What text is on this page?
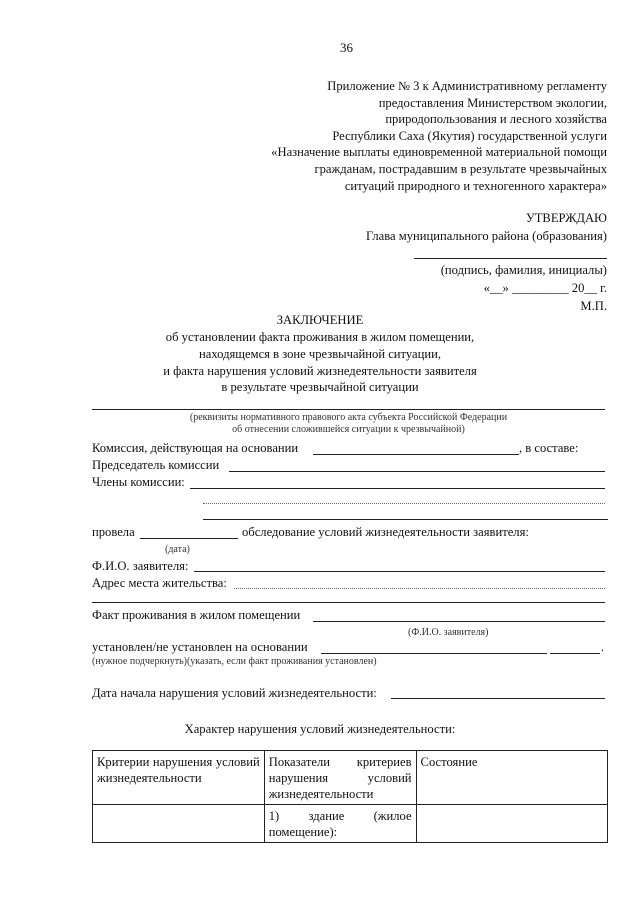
36
Приложение № 3 к Административному регламенту
предоставления Министерством экологии,
природопользования и лесного хозяйства
Республики Саха (Якутия) государственной услуги
«Назначение выплаты единовременной материальной помощи
гражданам, пострадавшим в результате чрезвычайных
ситуаций природного и техногенного характера»
УТВЕРЖДАЮ
Глава муниципального района (образования)
(подпись, фамилия, инициалы)
«__» _________ 20__ г.
М.П.
ЗАКЛЮЧЕНИЕ
об установлении факта проживания в жилом помещении,
находящемся в зоне чрезвычайной ситуации,
и факта нарушения условий жизнедеятельности заявителя
в результате чрезвычайной ситуации
(реквизиты нормативного правового акта субъекта Российской Федерации
об отнесении сложившейся ситуации к чрезвычайной)
Комиссия, действующая на основании	, в составе:
Председатель комиссии
Члены комиссии:
провела	обследование условий жизнедеятельности заявителя:
(дата)
Ф.И.О. заявителя:
Адрес места жительства:
Факт проживания в жилом помещении
(Ф.И.О. заявителя)
установлен/не установлен на основании	.
(нужное подчеркнуть)(указать, если факт проживания установлен)
Дата начала нарушения условий жизнедеятельности:
Характер нарушения условий жизнедеятельности:
Критерии нарушения условий жизнедеятельности	Показатели критериев нарушения условий жизнедеятельности	Состояние

	1) здание (жилое помещение):	
